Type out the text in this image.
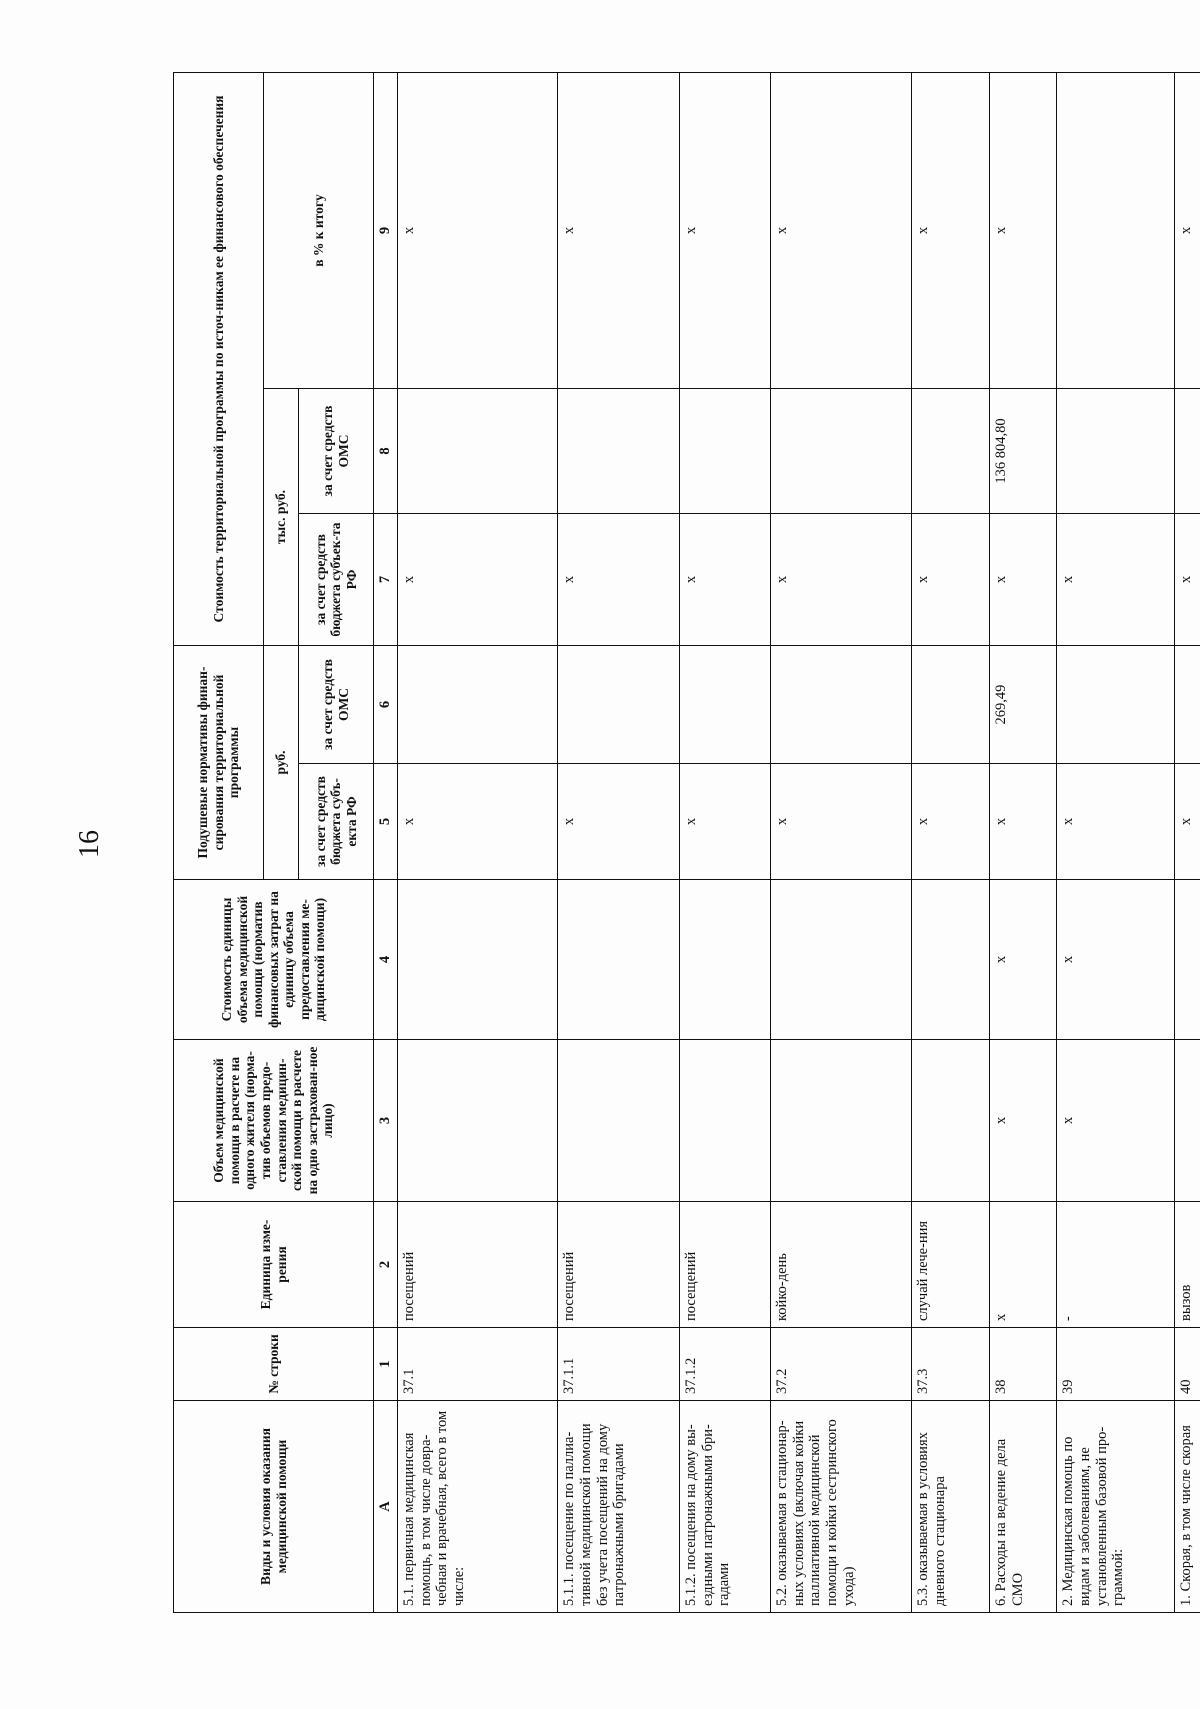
16
Виды и условия оказания медицинской помощи	№ строки	Единица изме-рения	Объем медицинской помощи в расчете на одного жителя (норма-тив объемов предо-ставления медицин-ской помощи в расчете на одно застрахован-ное лицо)	Стоимость единицы объема медицинской помощи (норматив финансовых затрат на единицу объема предоставления ме-дицинской помощи)	Подушевые нормативы финан-сирования территориальной программы		Стоимость территориальной программы по источ-никам ее финансового обеспечения		
					руб.		тыс. руб.		в % к итогу
					за счет средств бюджета субъ-екта РФ	за счет средств ОМС	за счет средств бюджета субъек-та РФ	за счет средств ОМС	
А	1	2	3	4	5	6	7	8	9
5.1. первичная медицинская помощь, в том числе довра-чебная и врачебная, всего в том числе:	37.1	посещений			х		х		х
5.1.1. посещение по паллиа-тивной медицинской помощи без учета посещений на дому патронажными бригадами	37.1.1	посещений			х		х		х
5.1.2. посещения на дому вы-ездными патронажными бри-гадами	37.1.2	посещений			х		х		х
5.2. оказываемая в стационар-ных условиях (включая койки паллиативной медицинской помощи и койки сестринского ухода)	37.2	койко-день			х		х		х
5.3. оказываемая в условиях дневного стационара	37.3	случай лече-ния			х		х		х
6. Расходы на ведение дела СМО	38	х	х	х	х	269,49	х	136 804,80	х
2. Медицинская помощь по видам и заболеваниям, не установленным базовой про-граммой:	39	-	х	х	х		х		
1. Скорая, в том числе скорая	40	вызов			х		х		х
